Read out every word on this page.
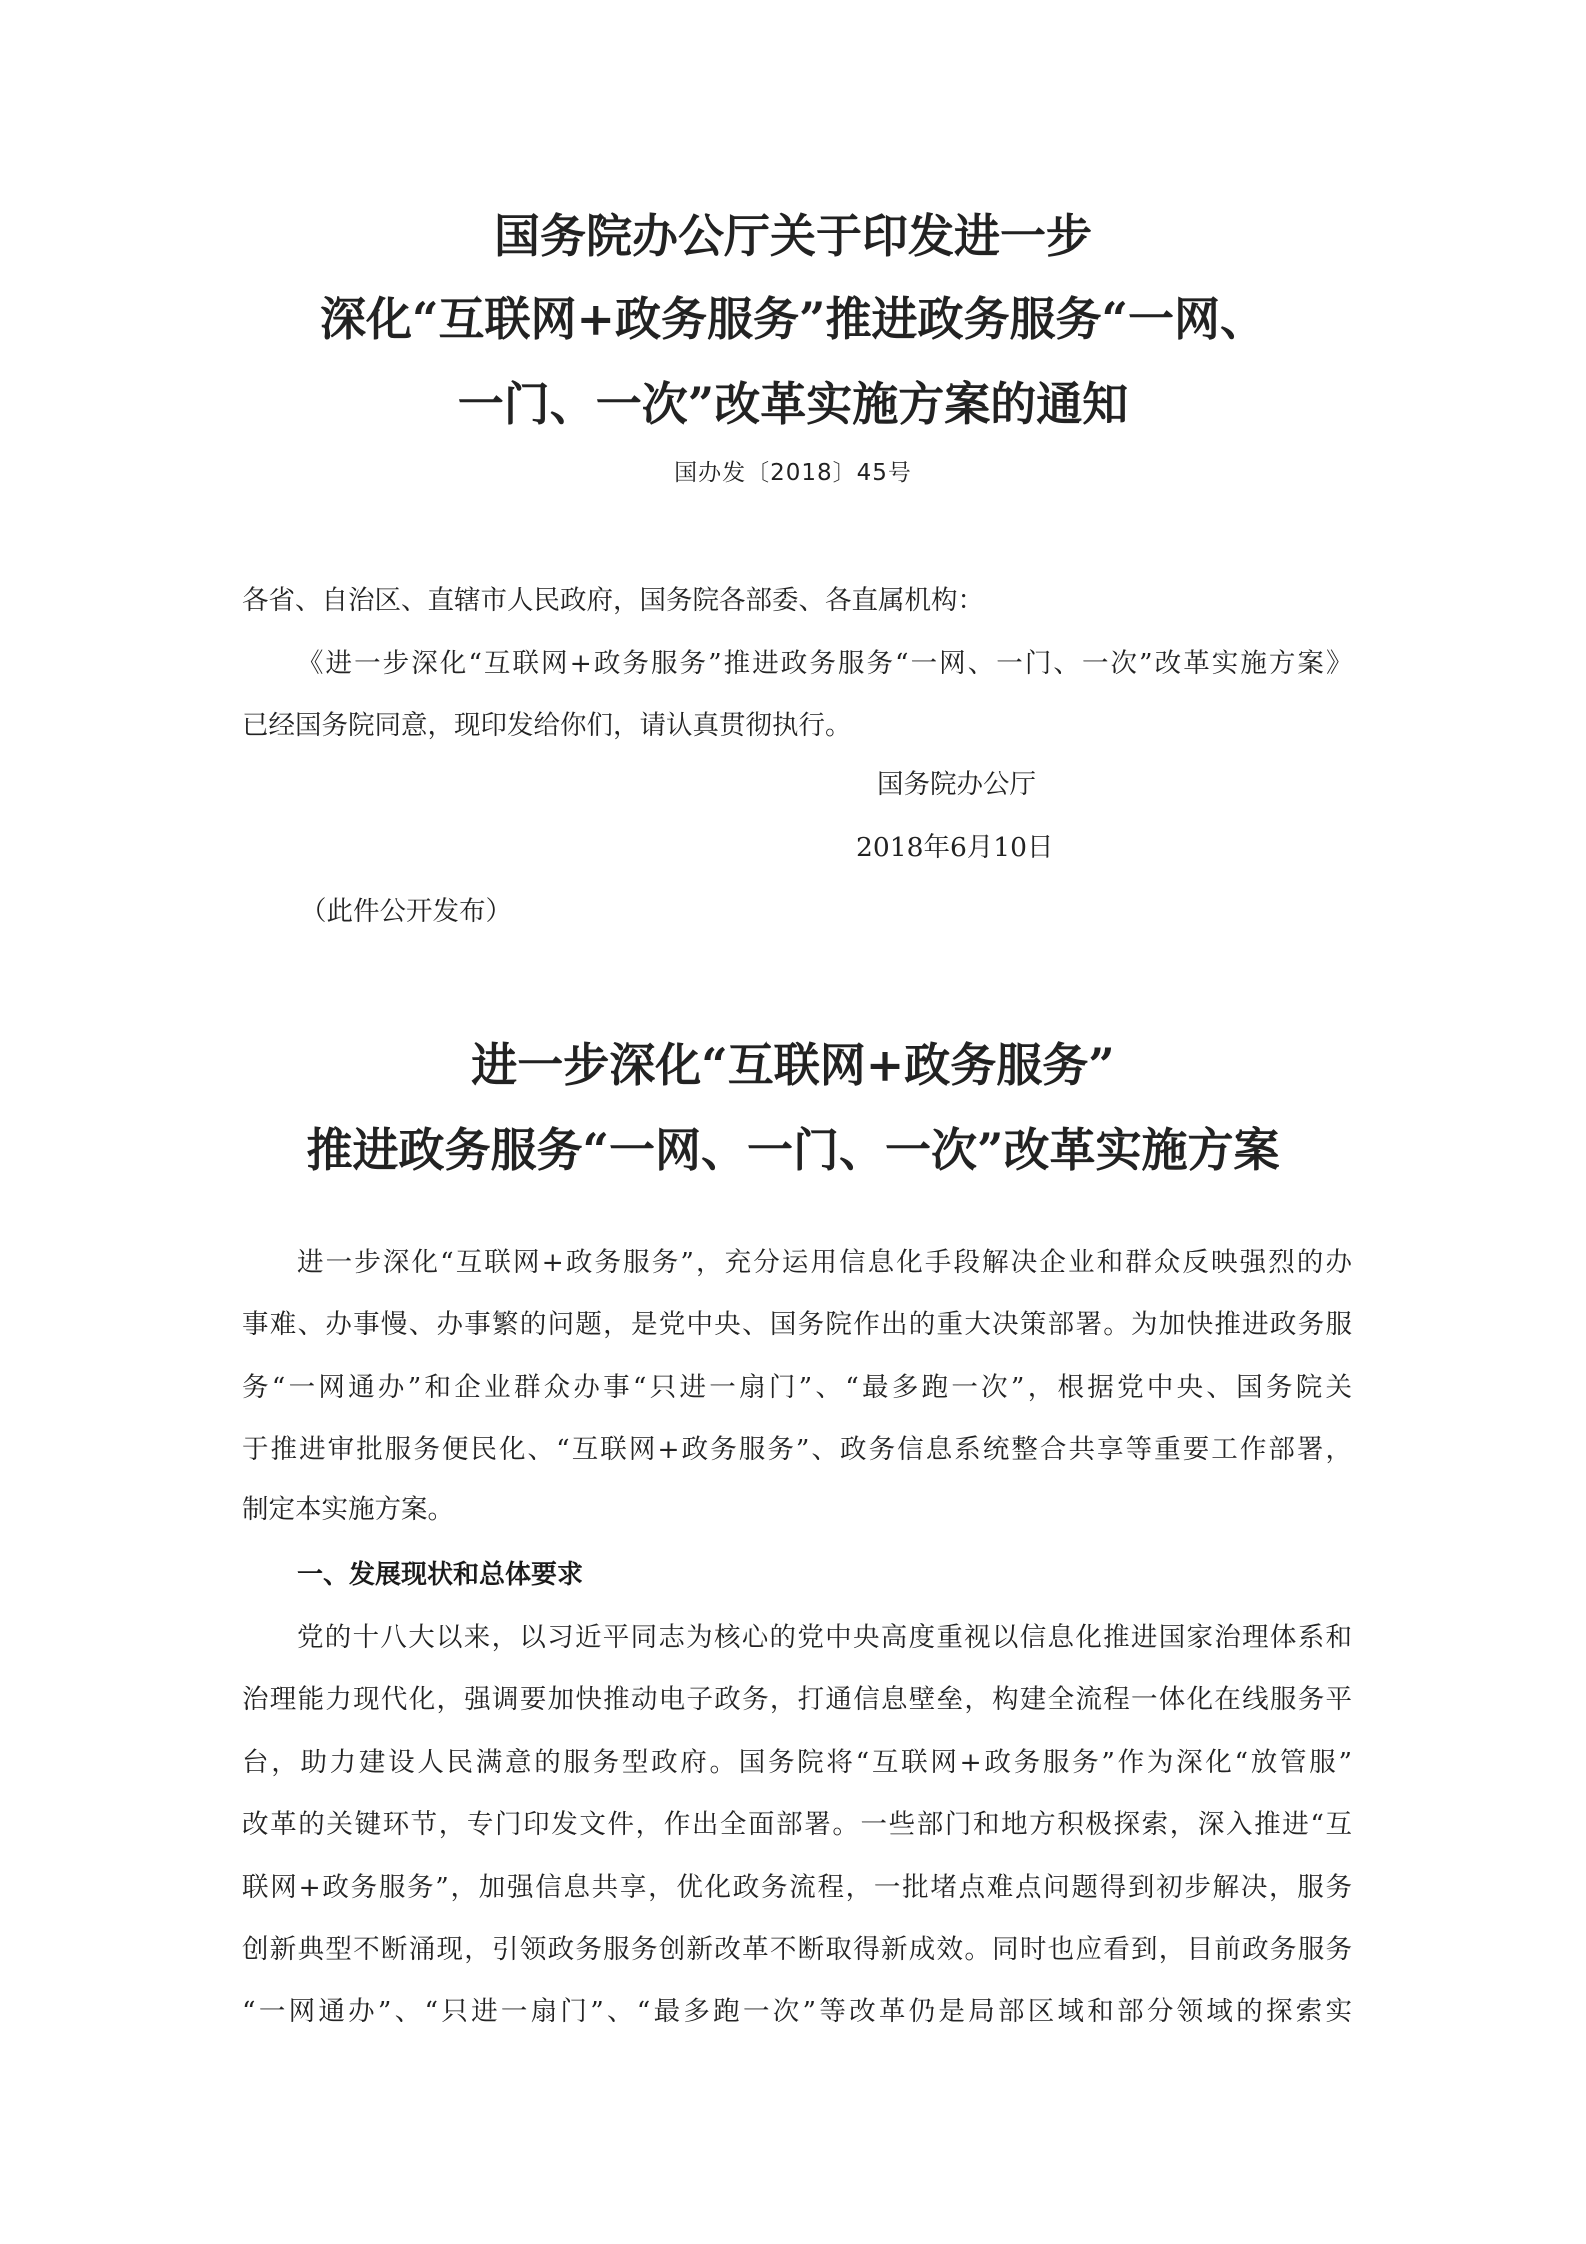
国务院办公厅关于印发进一步
深化“互联网+政务服务”推进政务服务“一网、
一门、一次”改革实施方案的通知
国办发〔2018〕45号
各省、自治区、直辖市人民政府，国务院各部委、各直属机构：
《进一步深化“互联网+政务服务”推进政务服务“一网、一门、一次”改革实施方案》
已经国务院同意，现印发给你们，请认真贯彻执行。
国务院办公厅
2018年6月10日
（此件公开发布）
进一步深化“互联网+政务服务”
推进政务服务“一网、一门、一次”改革实施方案
进一步深化“互联网+政务服务”，充分运用信息化手段解决企业和群众反映强烈的办
事难、办事慢、办事繁的问题，是党中央、国务院作出的重大决策部署。为加快推进政务服
务“一网通办”和企业群众办事“只进一扇门”、“最多跑一次”，根据党中央、国务院关
于推进审批服务便民化、“互联网+政务服务”、政务信息系统整合共享等重要工作部署，
制定本实施方案。
一、发展现状和总体要求
党的十八大以来，以习近平同志为核心的党中央高度重视以信息化推进国家治理体系和
治理能力现代化，强调要加快推动电子政务，打通信息壁垒，构建全流程一体化在线服务平
台，助力建设人民满意的服务型政府。国务院将“互联网+政务服务”作为深化“放管服”
改革的关键环节，专门印发文件，作出全面部署。一些部门和地方积极探索，深入推进“互
联网+政务服务”，加强信息共享，优化政务流程，一批堵点难点问题得到初步解决，服务
创新典型不断涌现，引领政务服务创新改革不断取得新成效。同时也应看到，目前政务服务
“一网通办”、“只进一扇门”、“最多跑一次”等改革仍是局部区域和部分领域的探索实
